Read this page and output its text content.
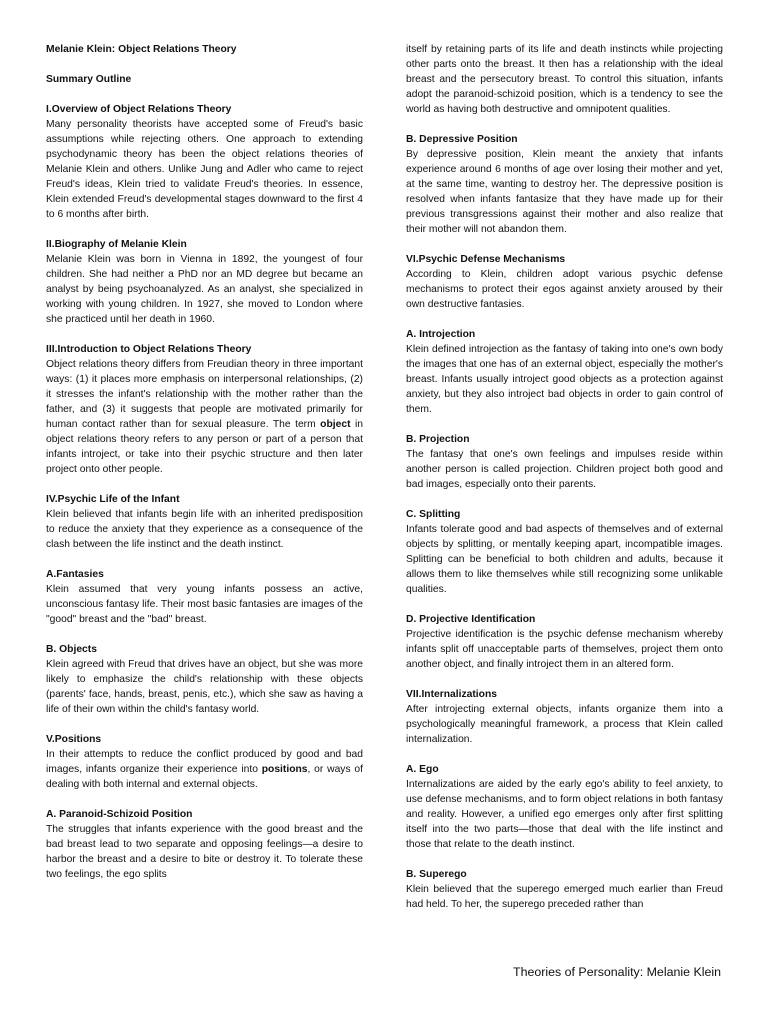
Melanie Klein: Object Relations Theory
Summary Outline
I.Overview of Object Relations Theory

Many personality theorists have accepted some of Freud's basic assumptions while rejecting others. One approach to extending psychodynamic theory has been the object relations theories of Melanie Klein and others. Unlike Jung and Adler who came to reject Freud's ideas, Klein tried to validate Freud's theories. In essence, Klein extended Freud's developmental stages downward to the first 4 to 6 months after birth.

II.Biography of Melanie Klein

Melanie Klein was born in Vienna in 1892, the youngest of four children. She had neither a PhD nor an MD degree but became an analyst by being psychoanalyzed. As an analyst, she specialized in working with young children. In 1927, she moved to London where she practiced until her death in 1960.

III.Introduction to Object Relations Theory

Object relations theory differs from Freudian theory in three important ways: (1) it places more emphasis on interpersonal relationships, (2) it stresses the infant's relationship with the mother rather than the father, and (3) it suggests that people are motivated primarily for human contact rather than for sexual pleasure. The term object in object relations theory refers to any person or part of a person that infants introject, or take into their psychic structure and then later project onto other people.

IV.Psychic Life of the Infant

Klein believed that infants begin life with an inherited predisposition to reduce the anxiety that they experience as a consequence of the clash between the life instinct and the death instinct.

A.Fantasies

Klein assumed that very young infants possess an active, unconscious fantasy life. Their most basic fantasies are images of the "good" breast and the "bad" breast.

B. Objects

Klein agreed with Freud that drives have an object, but she was more likely to emphasize the child's relationship with these objects (parents' face, hands, breast, penis, etc.), which she saw as having a life of their own within the child's fantasy world.

V.Positions

In their attempts to reduce the conflict produced by good and bad images, infants organize their experience into positions, or ways of dealing with both internal and external objects.

A. Paranoid-Schizoid Position

The struggles that infants experience with the good breast and the bad breast lead to two separate and opposing feelings—a desire to harbor the breast and a desire to bite or destroy it. To tolerate these two feelings, the ego splits

itself by retaining parts of its life and death instincts while projecting other parts onto the breast. It then has a relationship with the ideal breast and the persecutory breast. To control this situation, infants adopt the paranoid-schizoid position, which is a tendency to see the world as having both destructive and omnipotent qualities.

B. Depressive Position

By depressive position, Klein meant the anxiety that infants experience around 6 months of age over losing their mother and yet, at the same time, wanting to destroy her. The depressive position is resolved when infants fantasize that they have made up for their previous transgressions against their mother and also realize that their mother will not abandon them.

VI.Psychic Defense Mechanisms

According to Klein, children adopt various psychic defense mechanisms to protect their egos against anxiety aroused by their own destructive fantasies.

A. Introjection

Klein defined introjection as the fantasy of taking into one's own body the images that one has of an external object, especially the mother's breast. Infants usually introject good objects as a protection against anxiety, but they also introject bad objects in order to gain control of them.

B. Projection

The fantasy that one's own feelings and impulses reside within another person is called projection. Children project both good and bad images, especially onto their parents.

C. Splitting

Infants tolerate good and bad aspects of themselves and of external objects by splitting, or mentally keeping apart, incompatible images. Splitting can be beneficial to both children and adults, because it allows them to like themselves while still recognizing some unlikable qualities.

D. Projective Identification

Projective identification is the psychic defense mechanism whereby infants split off unacceptable parts of themselves, project them onto another object, and finally introject them in an altered form.

VII.Internalizations

After introjecting external objects, infants organize them into a psychologically meaningful framework, a process that Klein called internalization.

A. Ego

Internalizations are aided by the early ego's ability to feel anxiety, to use defense mechanisms, and to form object relations in both fantasy and reality. However, a unified ego emerges only after first splitting itself into the two parts—those that deal with the life instinct and those that relate to the death instinct.

B. Superego

Klein believed that the superego emerged much earlier than Freud had held. To her, the superego preceded rather than

Theories of Personality: Melanie Klein
